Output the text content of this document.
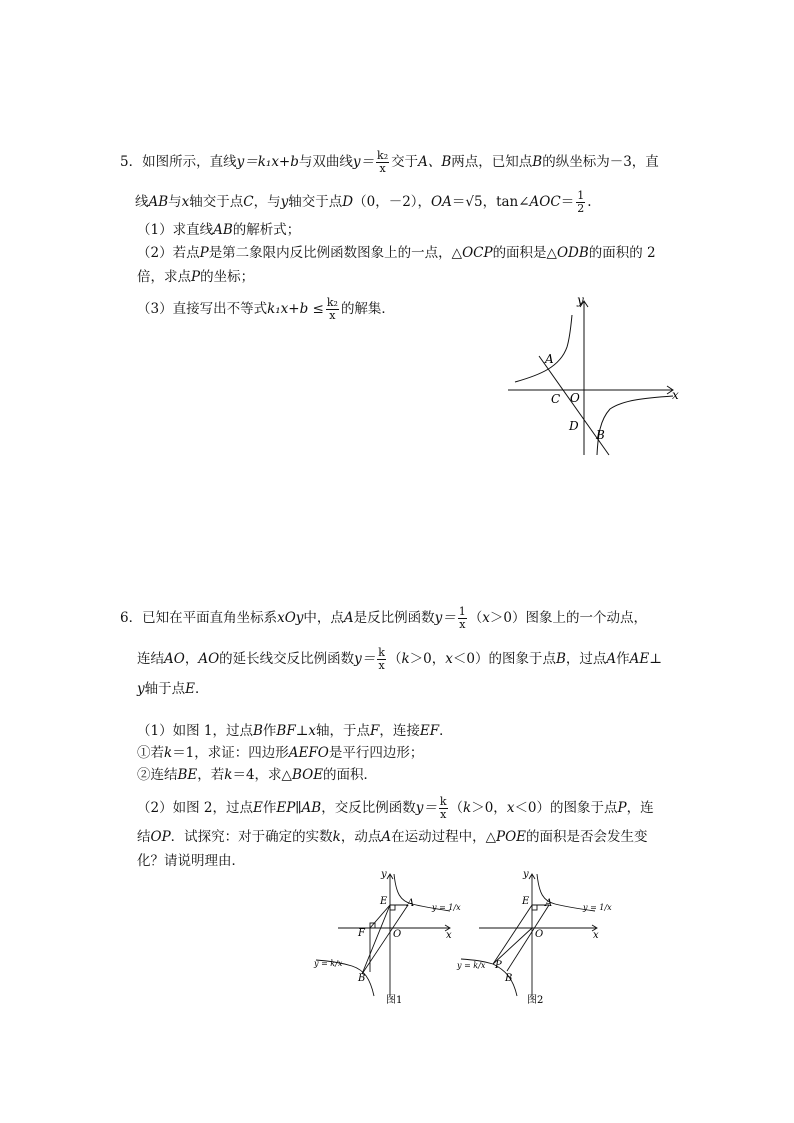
5．如图所示，直线y＝k₁x+b与双曲线$y= \frac{\text{k₂}}{x}$ 交于A、B两点，已知点B的纵坐标为－3，直
线AB与x轴交于点C，与y轴交于点D（0，－2），OA＝√5，tan∠AOC＝ $\frac{1}{2}$ .
（1）求直线AB的解析式；
（2）若点P是第二象限内反比例函数图象上的一点，△OCP的面积是△ODB的面积的 2
倍，求点P的坐标；
（3）直接写出不等式$k_1x+b \le \frac{\text{k₂}}{x}$ 的解集．
y
x
A
C O
D
B
6．已知在平面直角坐标系xOy中，点A是反比例函数$y= \frac{1}{x} (x>0)$图象上的一个动点，
连结AO，AO的延长线交反比例函数$y= \frac{k}{x} (k>0$，x＜0）的图象于点B，过点A作AE⊥
y轴于点E．
（1）如图 1，过点B作BF⊥x轴，于点F，连接EF．
①若k＝1，求证：四边形AEFO是平行四边形；
②连结BE，若k＝4，求△BOE的面积．
（2）如图 2，过点E作EP∥AB，交反比例函数$y= \frac{k}{x} (k>0$，x＜0）的图象于点P，连
结OP．试探究：对于确定的实数k，动点A在运动过程中，△POE的面积是否会发生变
化？请说明理由．
y
x
E A
F	O
B
y = 1/x
y = k/x
图1
y
x
E A
O
P
B
y = 1/x
y = k/x
图2
